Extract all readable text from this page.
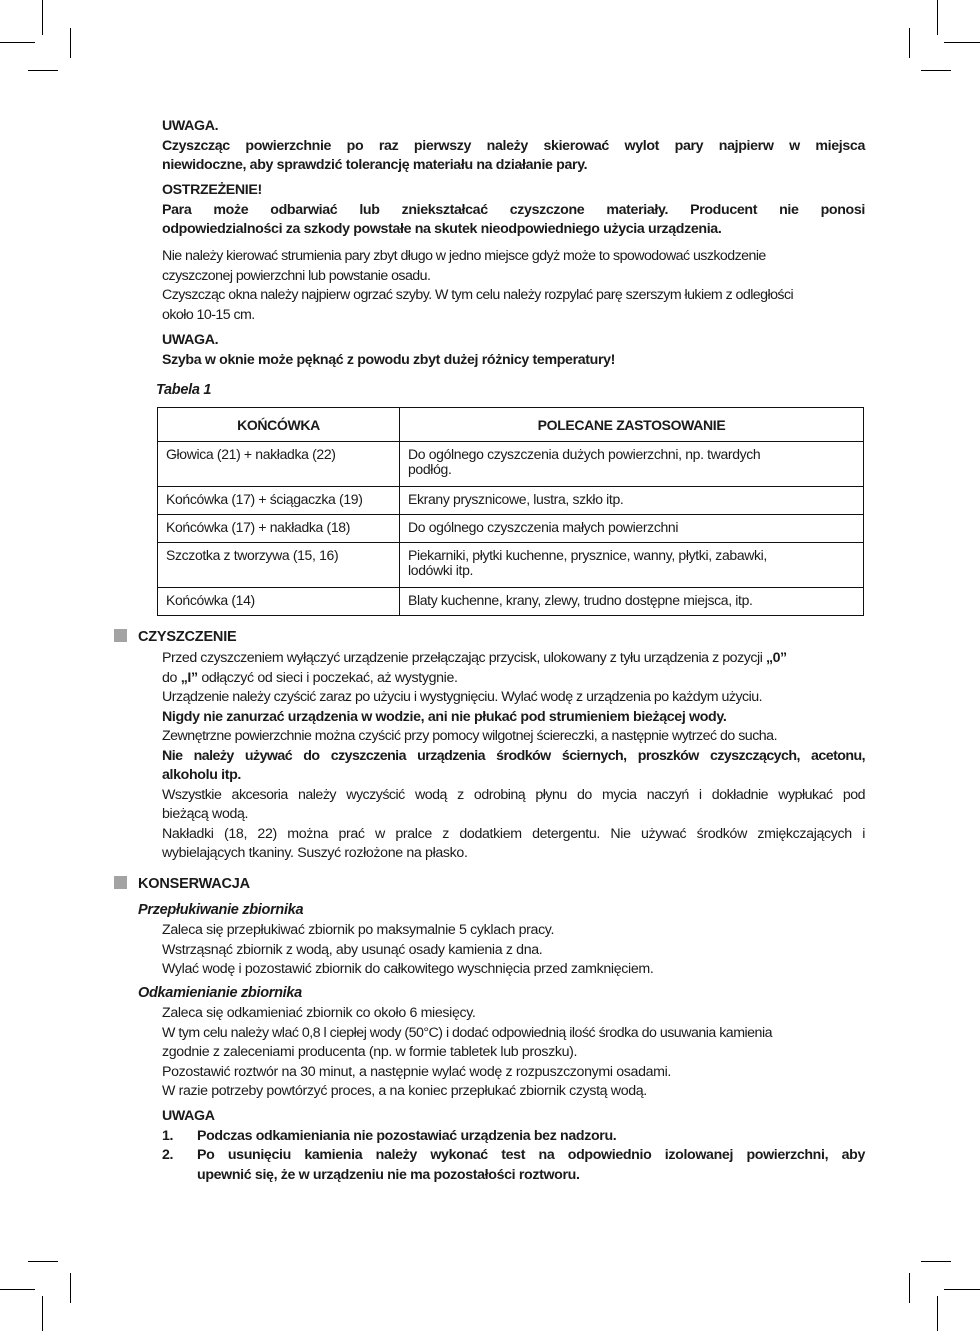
UWAGA.
Czyszcząc powierzchnie po raz pierwszy należy skierować wylot pary najpierw w miejsca
niewidoczne, aby sprawdzić tolerancję materiału na działanie pary.
OSTRZEŻENIE!
Para może odbarwiać lub zniekształcać czyszczone materiały. Producent nie ponosi
odpowiedzialności za szkody powstałe na skutek nieodpowiedniego użycia urządzenia.
Nie należy kierować strumienia pary zbyt długo w jedno miejsce gdyż może to spowodować uszkodzenie
czyszczonej powierzchni lub powstanie osadu.
Czyszcząc okna należy najpierw ogrzać szyby. W tym celu należy rozpylać parę szerszym łukiem z odległości
około 10-15 cm.
UWAGA.
Szyba w oknie może pęknąć z powodu zbyt dużej różnicy temperatury!
Tabela 1
KOŃCÓWKA	POLECANE ZASTOSOWANIE
Głowica (21) + nakładka (22)	Do ogólnego czyszczenia dużych powierzchni, np. twardych
podłóg.
Końcówka (17) + ściągaczka (19)	Ekrany prysznicowe, lustra, szkło itp.
Końcówka (17) + nakładka (18)	Do ogólnego czyszczenia małych powierzchni
Szczotka z tworzywa (15, 16)	Piekarniki, płytki kuchenne, prysznice, wanny, płytki, zabawki,
lodówki itp.
Końcówka (14)	Blaty kuchenne, krany, zlewy, trudno dostępne miejsca, itp.
CZYSZCZENIE
Przed czyszczeniem wyłączyć urządzenie przełączając przycisk, ulokowany z tyłu urządzenia z pozycji „0”
do „I” odłączyć od sieci i poczekać, aż wystygnie.
Urządzenie należy czyścić zaraz po użyciu i wystygnięciu. Wylać wodę z urządzenia po każdym użyciu.
Nigdy nie zanurzać urządzenia w wodzie, ani nie płukać pod strumieniem bieżącej wody.
Zewnętrzne powierzchnie można czyścić przy pomocy wilgotnej ściereczki, a następnie wytrzeć do sucha.
Nie należy używać do czyszczenia urządzenia środków ściernych, proszków czyszczących, acetonu,
alkoholu itp.
Wszystkie akcesoria należy wyczyścić wodą z odrobiną płynu do mycia naczyń i dokładnie wypłukać pod
bieżącą wodą.
Nakładki (18, 22) można prać w pralce z dodatkiem detergentu. Nie używać środków zmiękczających i
wybielających tkaniny. Suszyć rozłożone na płasko.
KONSERWACJA
Przepłukiwanie zbiornika
Zaleca się przepłukiwać zbiornik po maksymalnie 5 cyklach pracy.
Wstrząsnąć zbiornik z wodą, aby usunąć osady kamienia z dna.
Wylać wodę i pozostawić zbiornik do całkowitego wyschnięcia przed zamknięciem.
Odkamienianie zbiornika
Zaleca się odkamieniać zbiornik co około 6 miesięcy.
W tym celu należy wlać 0,8 l ciepłej wody (50°C) i dodać odpowiednią ilość środka do usuwania kamienia
zgodnie z zaleceniami producenta (np. w formie tabletek lub proszku).
Pozostawić roztwór na 30 minut, a następnie wylać wodę z rozpuszczonymi osadami.
W razie potrzeby powtórzyć proces, a na koniec przepłukać zbiornik czystą wodą.
UWAGA
1. Podczas odkamieniania nie pozostawiać urządzenia bez nadzoru.
2.	Po usunięciu kamienia należy wykonać test na odpowiednio izolowanej powierzchni, aby
upewnić się, że w urządzeniu nie ma pozostałości roztworu.
